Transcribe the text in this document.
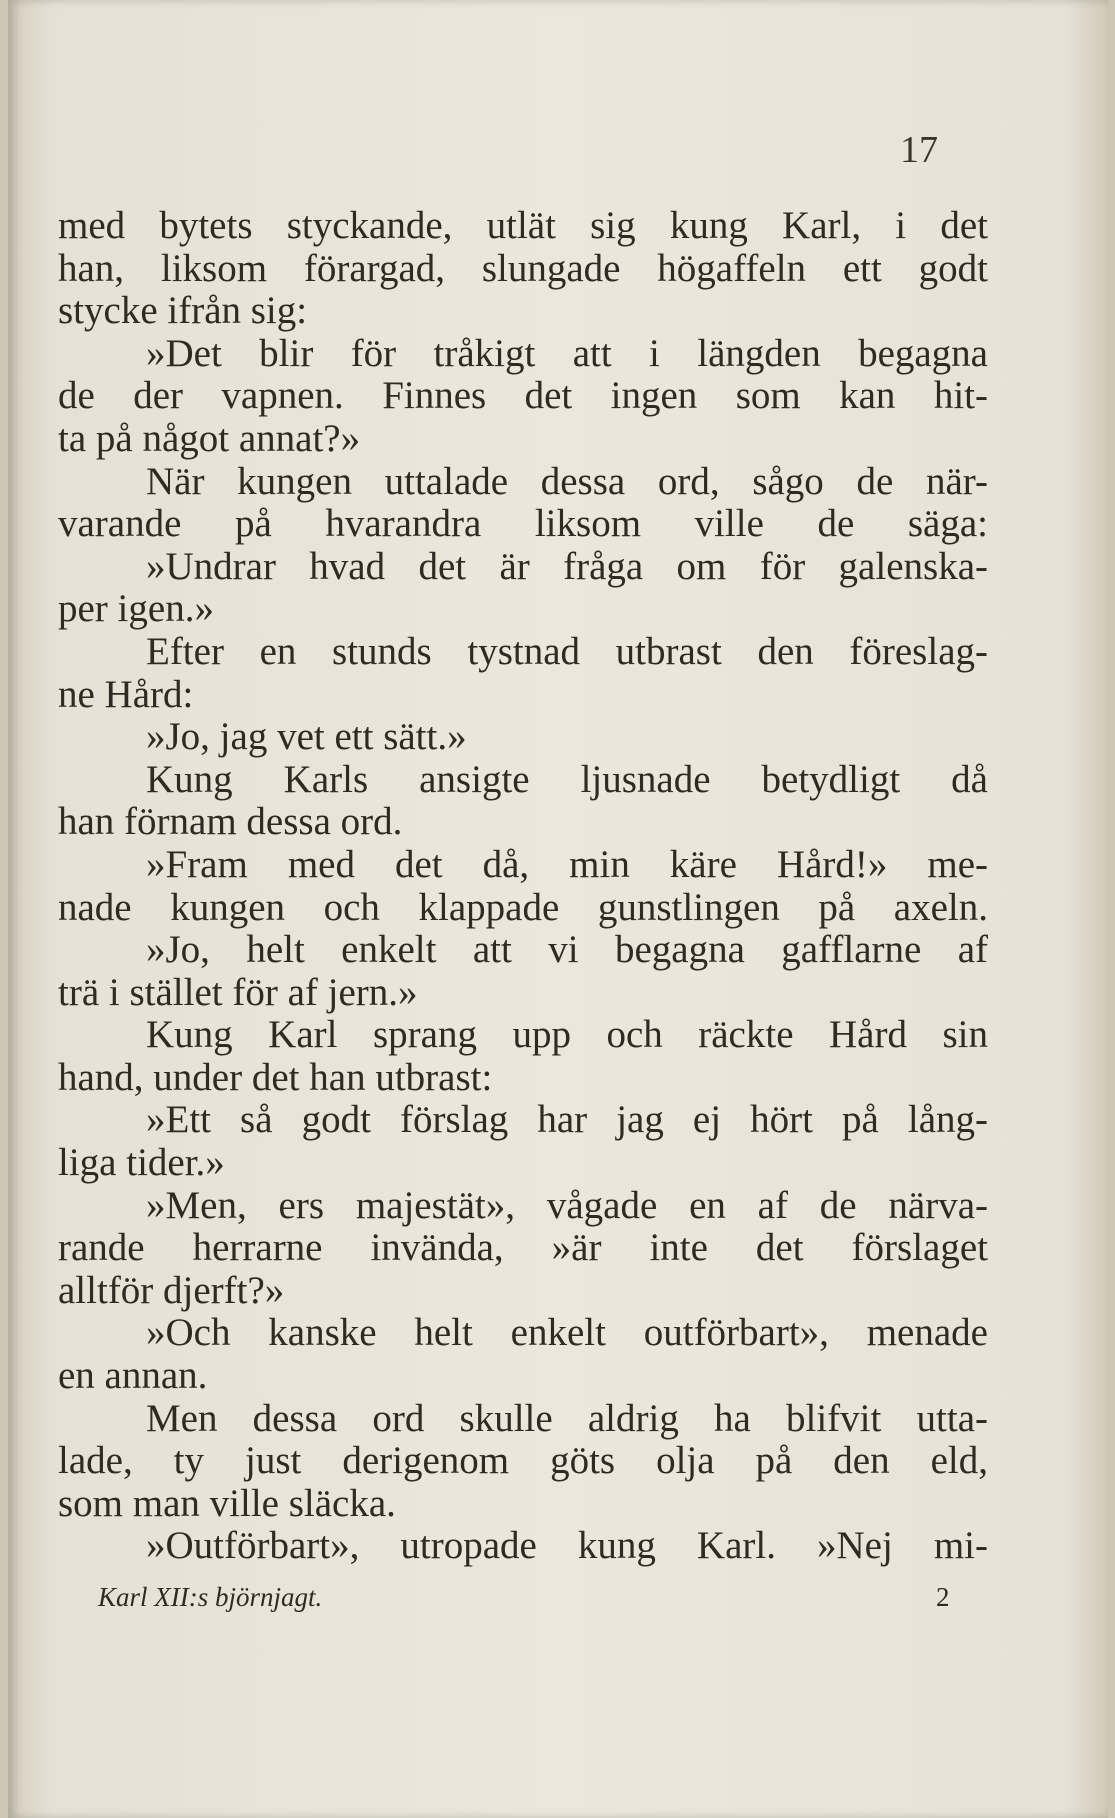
17
med bytets styckande, utlät sig kung Karl, i det
han, liksom förargad, slungade högaffeln ett godt
stycke ifrån sig:
»Det blir för tråkigt att i längden begagna
de der vapnen. Finnes det ingen som kan hit-
ta på något annat?»
När kungen uttalade dessa ord, sågo de när-
varande på hvarandra liksom ville de säga:
»Undrar hvad det är fråga om för galenska-
per igen.»
Efter en stunds tystnad utbrast den föreslag-
ne Hård:
»Jo, jag vet ett sätt.»
Kung Karls ansigte ljusnade betydligt då
han förnam dessa ord.
»Fram med det då, min käre Hård!» me-
nade kungen och klappade gunstlingen på axeln.
»Jo, helt enkelt att vi begagna gafflarne af
trä i stället för af jern.»
Kung Karl sprang upp och räckte Hård sin
hand, under det han utbrast:
»Ett så godt förslag har jag ej hört på lång-
liga tider.»
»Men, ers majestät», vågade en af de närva-
rande herrarne invända, »är inte det förslaget
alltför djerft?»
»Och kanske helt enkelt outförbart», menade
en annan.
Men dessa ord skulle aldrig ha blifvit utta-
lade, ty just derigenom göts olja på den eld,
som man ville släcka.
»Outförbart», utropade kung Karl. »Nej mi-
Karl XII:s björnjagt.	2
